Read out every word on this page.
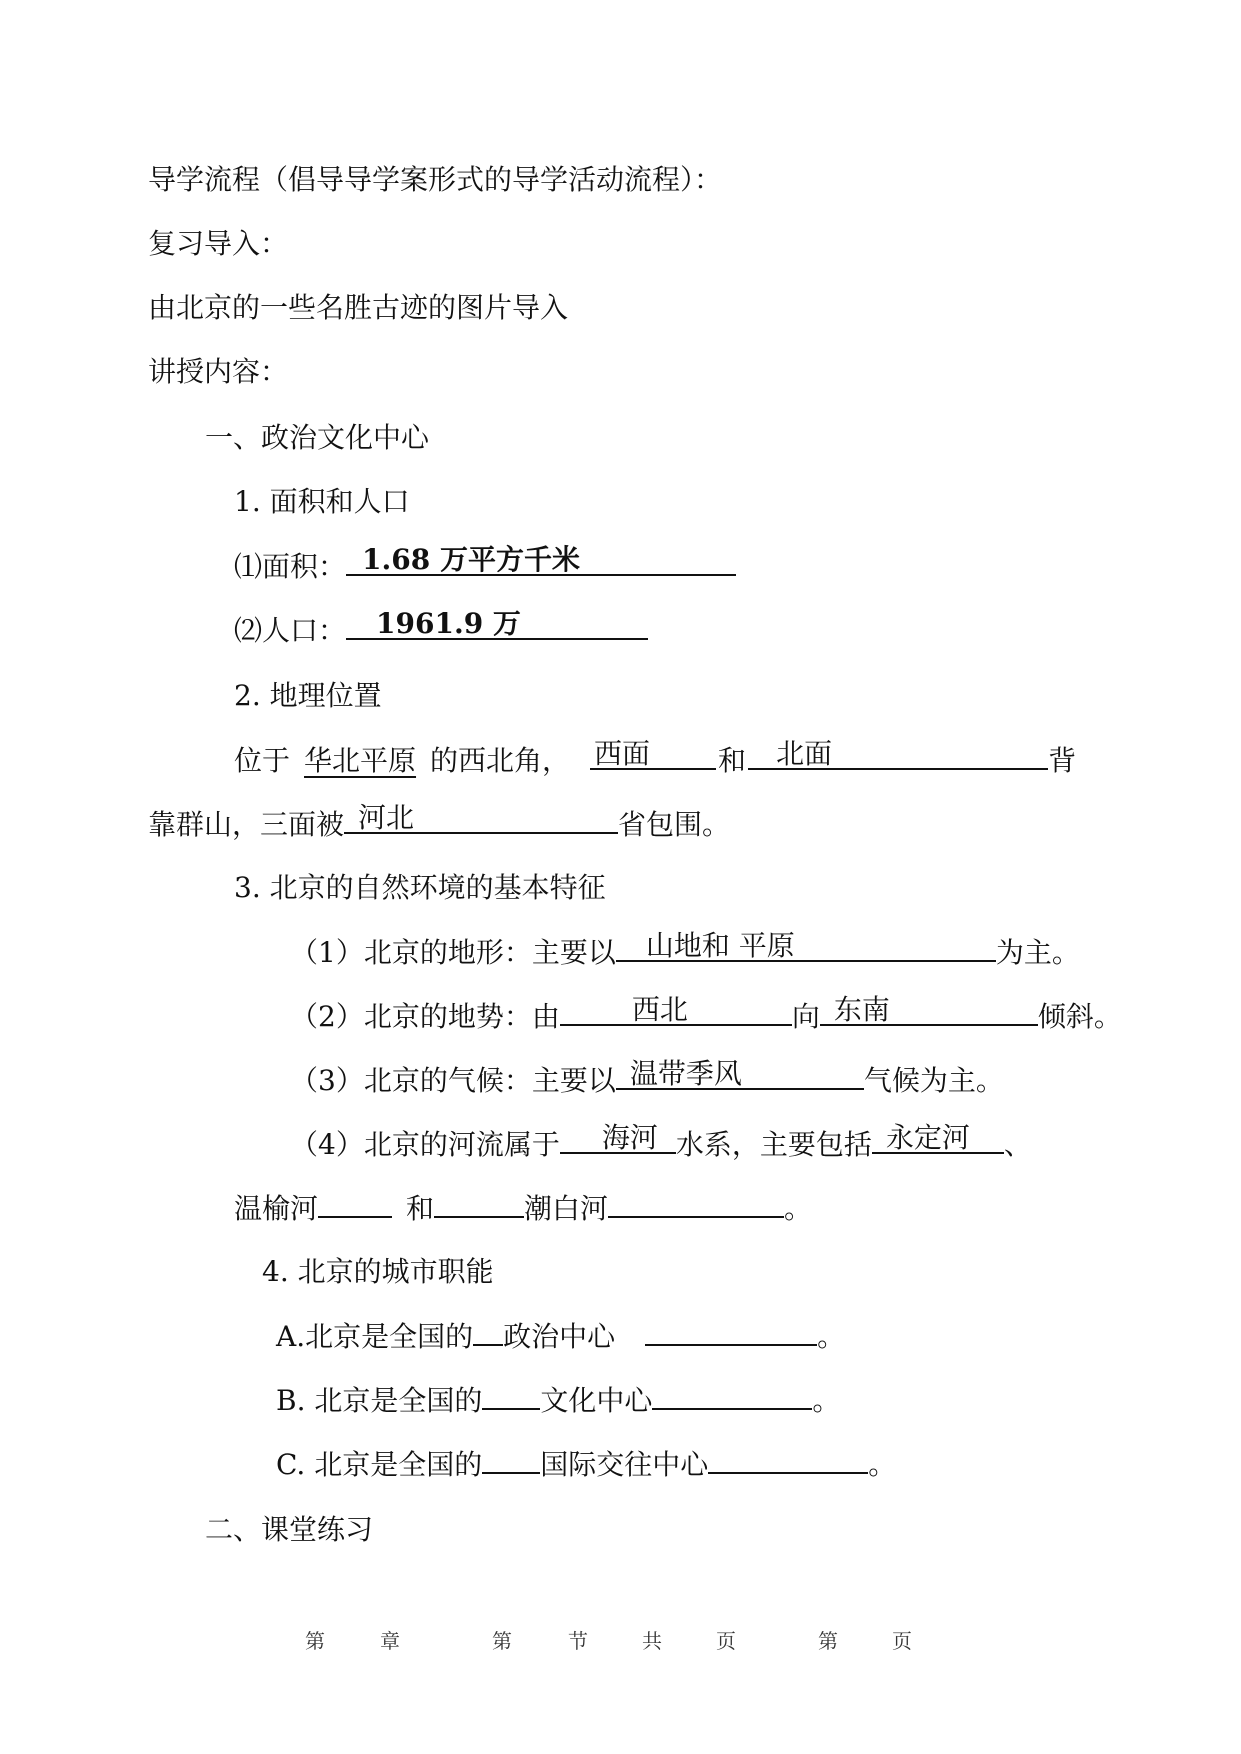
导学流程（倡导导学案形式的导学活动流程）：
复习导入：
由北京的一些名胜古迹的图片导入
讲授内容：
一、政治文化中心
1. 面积和人口
⑴面积： 1.68 万平方千米
⑵人口： 1961.9 万
2. 地理位置
位于 华北平原 的西北角， 西面 和 北面	背
靠群山，三面被 河北	省包围。
3. 北京的自然环境的基本特征
（1）北京的地形：主要以 山地和 平原	为主。
（2）北京的地势：由	西北	向 东南	倾斜。
（3）北京的气候：主要以 温带季风	气候为主。
（4）北京的河流属于 海河 水系，主要包括 永定河 、
温榆河	和	潮白河	。
4. 北京的城市职能
A.北京是全国的 政治中心	。
B. 北京是全国的 文化中心	。
C. 北京是全国的 国际交往中心	。
二、课堂练习
第	章	第	节	共	页	第	页
